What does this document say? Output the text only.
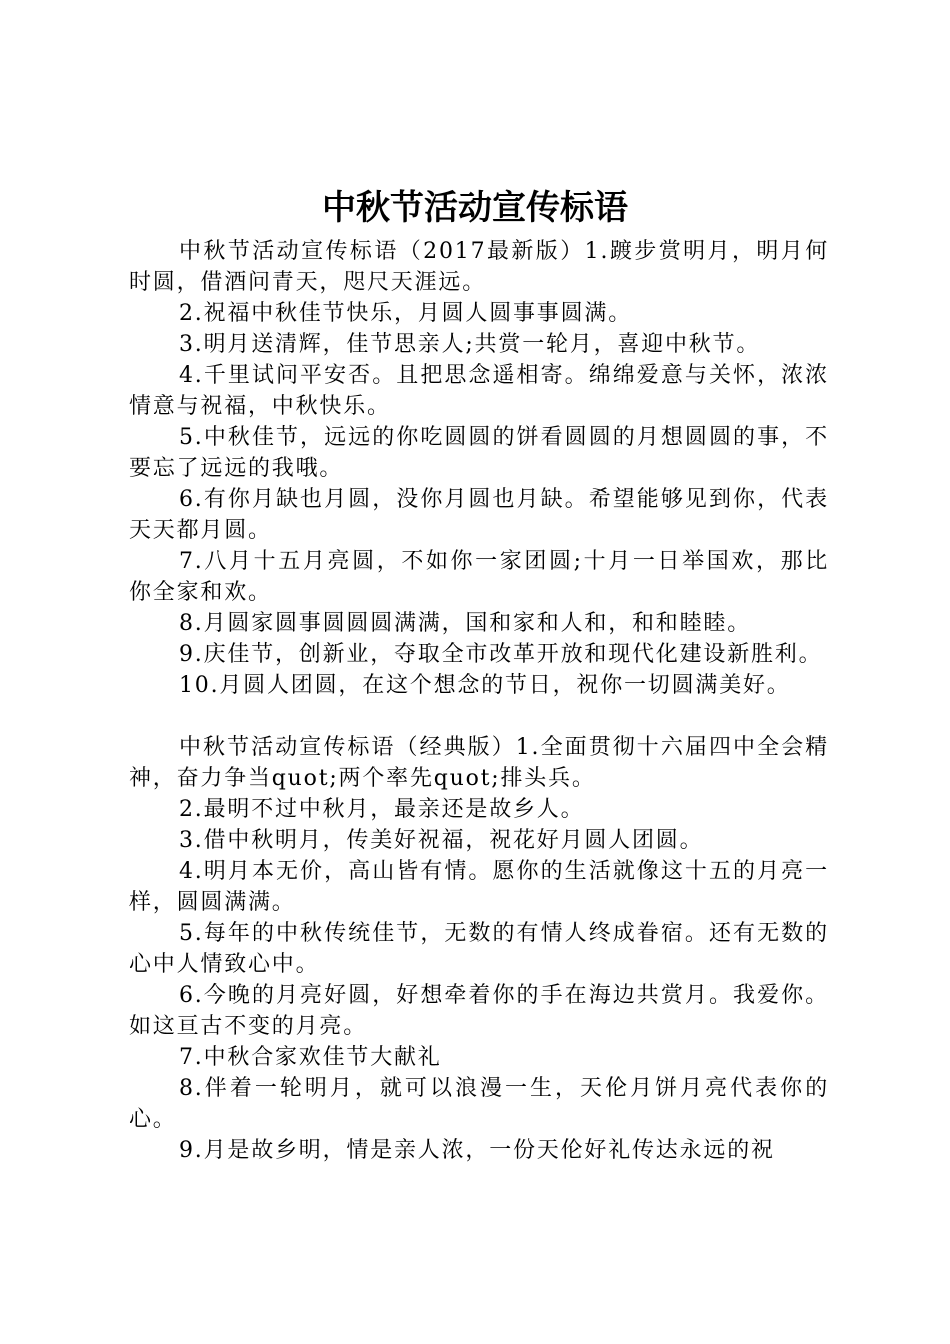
中秋节活动宣传标语

中秋节活动宣传标语（2017最新版）1.踱步赏明月，明月何时圆，借酒问青天，咫尺天涯远。

2.祝福中秋佳节快乐，月圆人圆事事圆满。

3.明月送清辉，佳节思亲人;共赏一轮月，喜迎中秋节。

4.千里试问平安否。且把思念遥相寄。绵绵爱意与关怀，浓浓情意与祝福，中秋快乐。

5.中秋佳节，远远的你吃圆圆的饼看圆圆的月想圆圆的事，不要忘了远远的我哦。

6.有你月缺也月圆，没你月圆也月缺。希望能够见到你，代表天天都月圆。

7.八月十五月亮圆，不如你一家团圆;十月一日举国欢，那比你全家和欢。

8.月圆家圆事圆圆圆满满，国和家和人和，和和睦睦。

9.庆佳节，创新业，夺取全市改革开放和现代化建设新胜利。

10.月圆人团圆，在这个想念的节日，祝你一切圆满美好。

中秋节活动宣传标语（经典版）1.全面贯彻十六届四中全会精神，奋力争当quot;两个率先quot;排头兵。

2.最明不过中秋月，最亲还是故乡人。

3.借中秋明月，传美好祝福，祝花好月圆人团圆。

4.明月本无价，高山皆有情。愿你的生活就像这十五的月亮一样，圆圆满满。

5.每年的中秋传统佳节，无数的有情人终成眷宿。还有无数的心中人情致心中。

6.今晚的月亮好圆，好想牵着你的手在海边共赏月。我爱你。如这亘古不变的月亮。

7.中秋合家欢佳节大献礼

8.伴着一轮明月，就可以浪漫一生，天伦月饼月亮代表你的心。

9.月是故乡明，情是亲人浓，一份天伦好礼传达永远的祝
